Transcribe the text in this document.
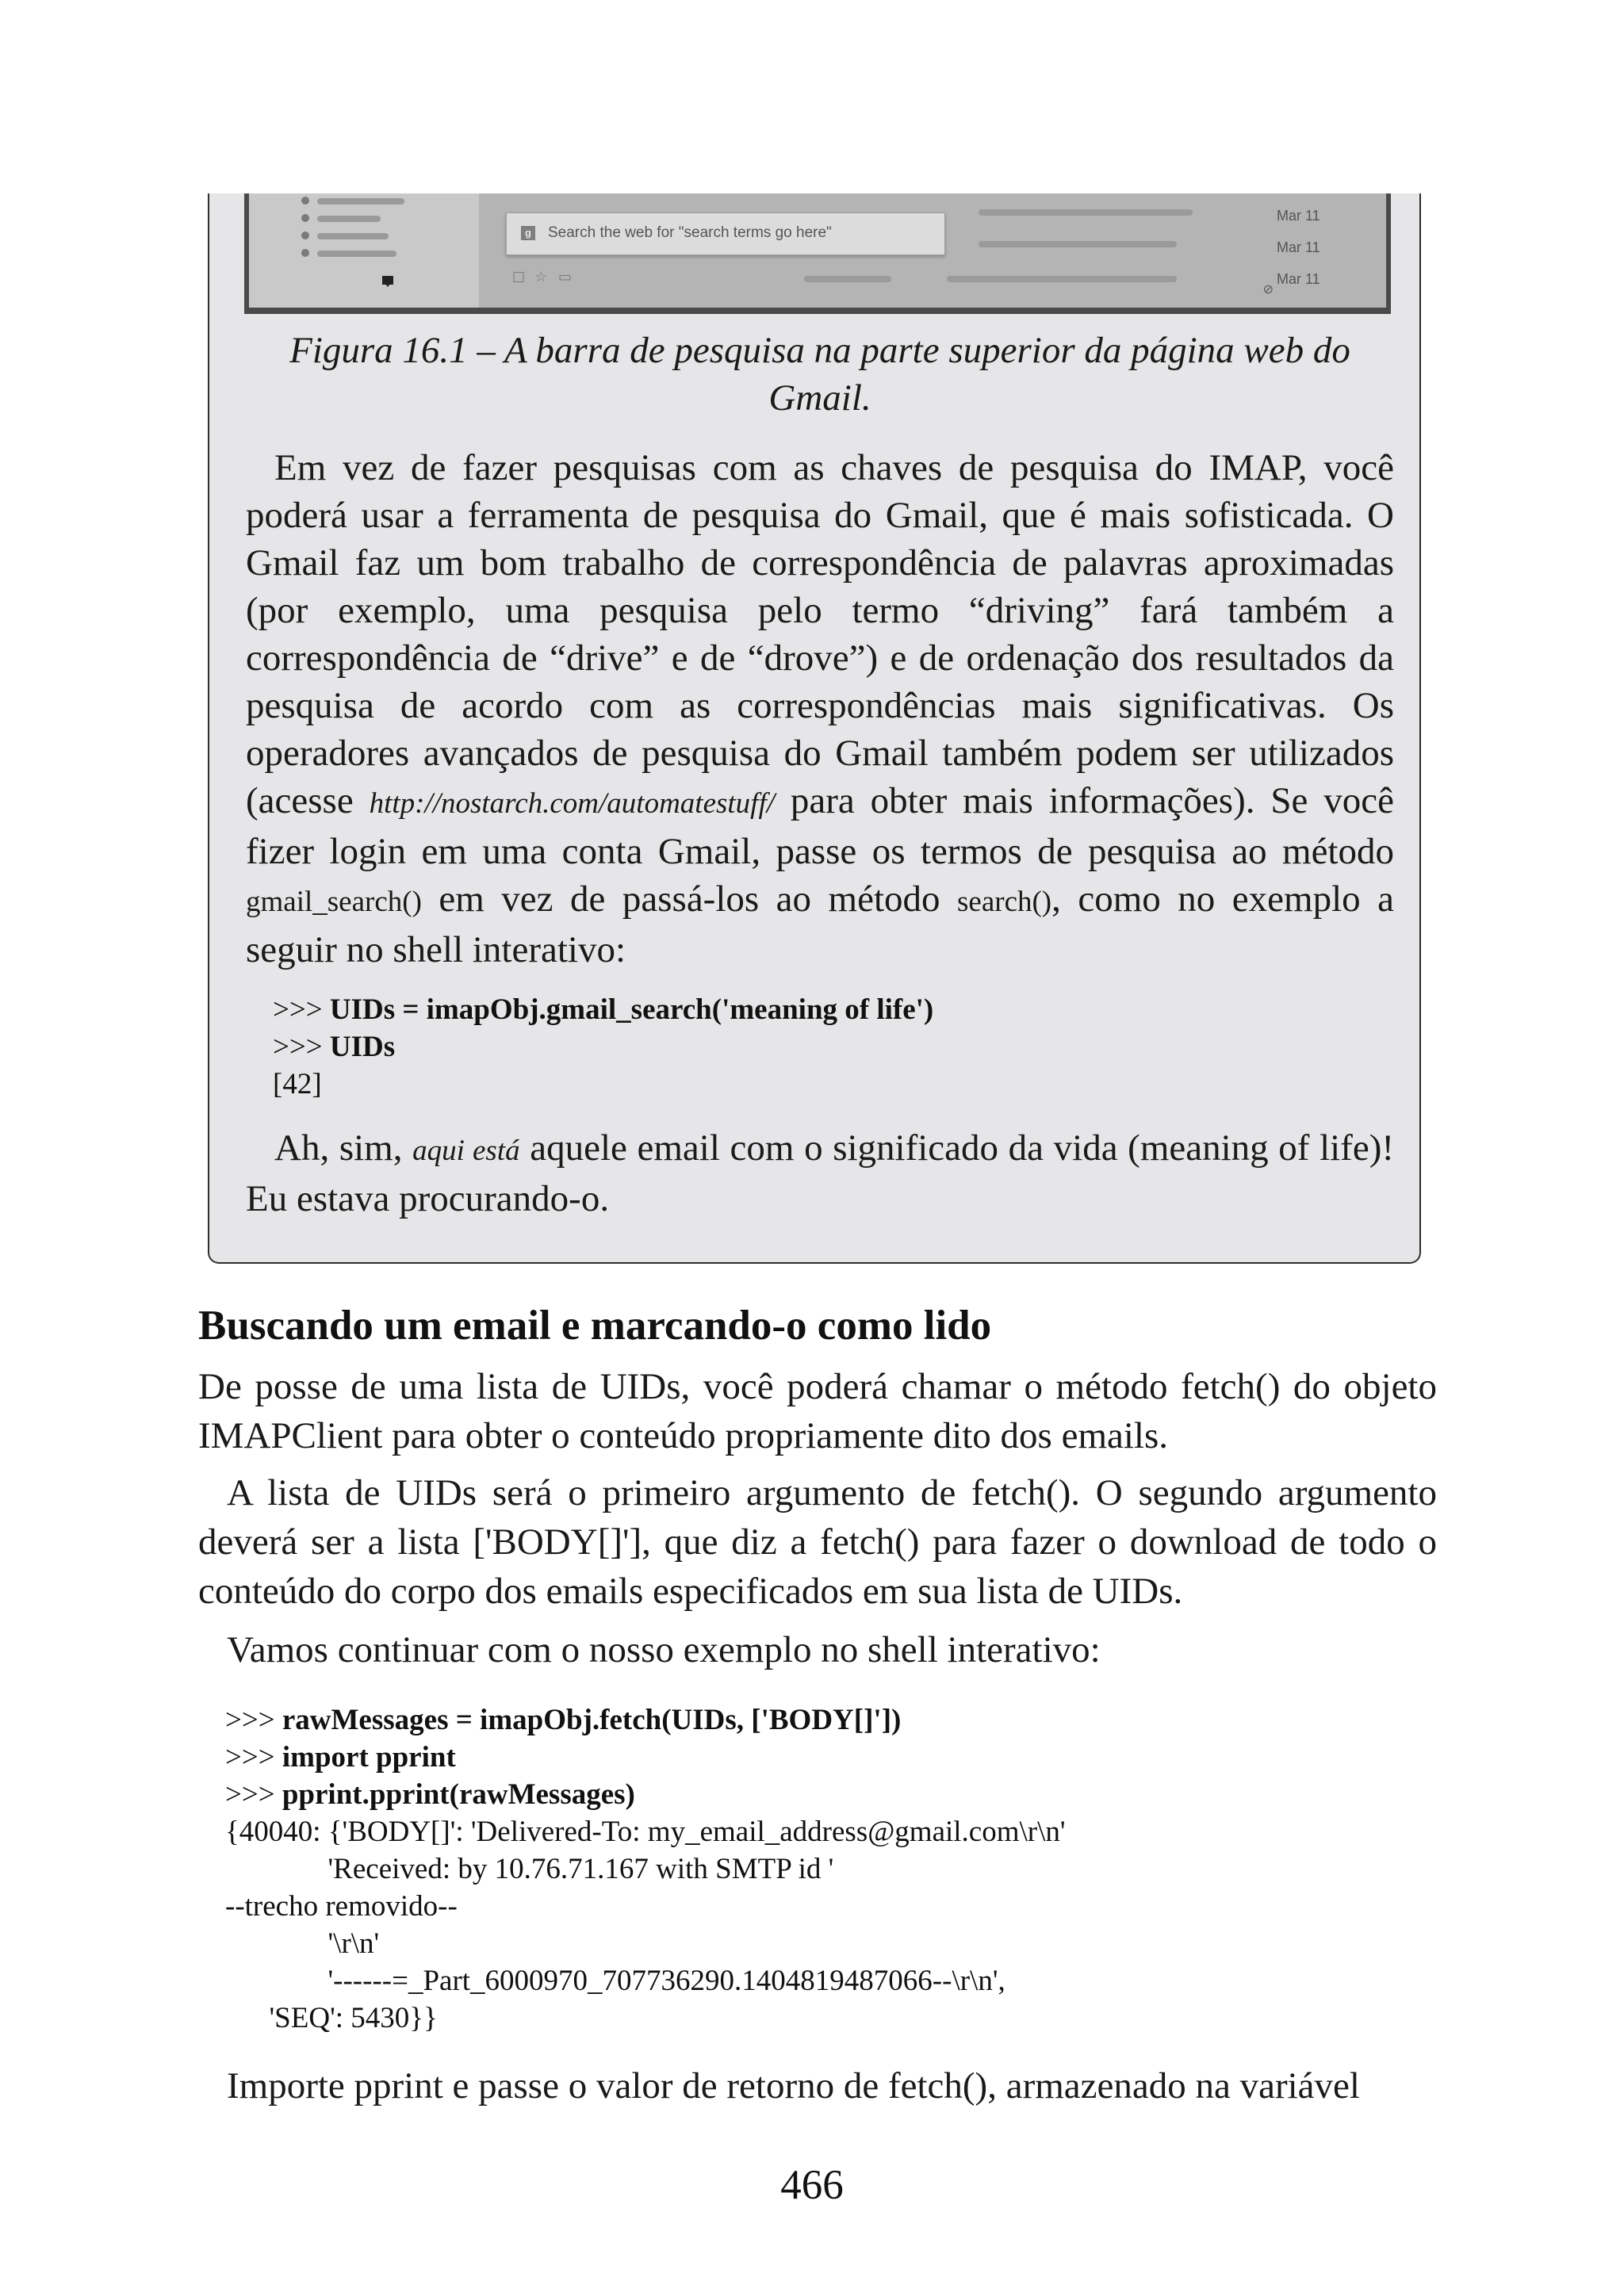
☐ ☆ ▭
⊘
g Search the web for "search terms go here"
Mar 11
Mar 11
Mar 11
Figura 16.1 – A barra de pesquisa na parte superior da página web do
Gmail.
Em vez de fazer pesquisas com as chaves de pesquisa do IMAP, você poderá usar a ferramenta de pesquisa do Gmail, que é mais sofisticada. O Gmail faz um bom trabalho de correspondência de palavras aproximadas (por exemplo, uma pesquisa pelo termo “driving” fará também a correspondência de “drive” e de “drove”) e de ordenação dos resultados da pesquisa de acordo com as correspondências mais significativas. Os operadores avançados de pesquisa do Gmail também podem ser utilizados (acesse http://nostarch.com/automatestuff/ para obter mais informações). Se você fizer login em uma conta Gmail, passe os termos de pesquisa ao método gmail_search() em vez de passá-los ao método search(), como no exemplo a seguir no shell interativo:
>>> UIDs = imapObj.gmail_search('meaning of life')
>>> UIDs
[42]
Ah, sim, aqui está aquele email com o significado da vida (meaning of life)! Eu estava procurando-o.
Buscando um email e marcando-o como lido
De posse de uma lista de UIDs, você poderá chamar o método fetch() do objeto IMAPClient para obter o conteúdo propriamente dito dos emails.
A lista de UIDs será o primeiro argumento de fetch(). O segundo argumento deverá ser a lista ['BODY[]'], que diz a fetch() para fazer o download de todo o conteúdo do corpo dos emails especificados em sua lista de UIDs.
Vamos continuar com o nosso exemplo no shell interativo:
>>> rawMessages = imapObj.fetch(UIDs, ['BODY[]'])
>>> import pprint
>>> pprint.pprint(rawMessages)
{40040: {'BODY[]': 'Delivered-To: my_email_address@gmail.com\r\n'
'Received: by 10.76.71.167 with SMTP id '
--trecho removido--
'\r\n'
'------=_Part_6000970_707736290.1404819487066--\r\n',
'SEQ': 5430}}
Importe pprint e passe o valor de retorno de fetch(), armazenado na variável
466
